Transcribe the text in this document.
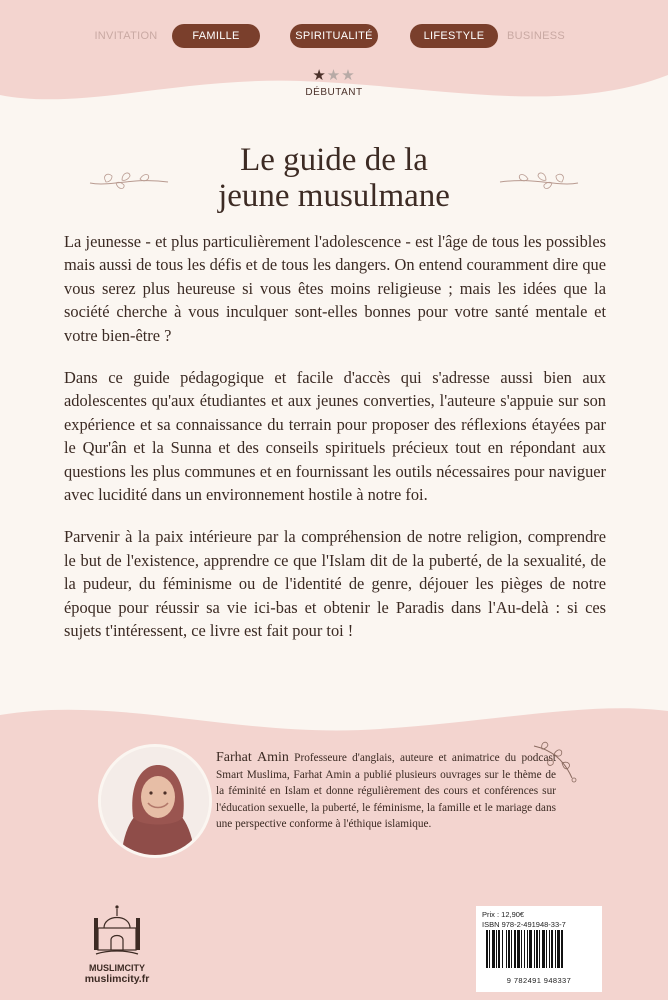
INVITATION	FAMILLE	SPIRITUALITÉ	LIFESTYLE	BUSINESS
★★★
DÉBUTANT
Le guide de la
jeune musulmane

La jeunesse - et plus particulièrement l'adolescence - est l'âge de tous les possibles mais aussi de tous les défis et de tous les dangers. On entend couramment dire que vous serez plus heureuse si vous êtes moins religieuse ; mais les idées que la société cherche à vous inculquer sont-elles bonnes pour votre santé mentale et votre bien-être ?

Dans ce guide pédagogique et facile d'accès qui s'adresse aussi bien aux adolescentes qu'aux étudiantes et aux jeunes converties, l'auteure s'appuie sur son expérience et sa connaissance du terrain pour proposer des réflexions étayées par le Qur'ân et la Sunna et des conseils spirituels précieux tout en répondant aux questions les plus communes et en fournissant les outils nécessaires pour naviguer avec lucidité dans un environnement hostile à notre foi.

Parvenir à la paix intérieure par la compréhension de notre religion, comprendre le but de l'existence, apprendre ce que l'Islam dit de la puberté, de la sexualité, de la pudeur, du féminisme ou de l'identité de genre, déjouer les pièges de notre époque pour réussir sa vie ici-bas et obtenir le Paradis dans l'Au-delà : si ces sujets t'intéressent, ce livre est fait pour toi !

Farhat Amin Professeure d'anglais, auteure et animatrice du podcast Smart Muslima, Farhat Amin a publié plusieurs ouvrages sur le thème de la féminité en Islam et donne régulièrement des cours et conférences sur l'éducation sexuelle, la puberté, le féminisme, la famille et le mariage dans une perspective conforme à l'éthique islamique.
MUSLIMCITY
muslimcity.fr
Prix : 12,90€
ISBN 978-2-491948-33-7
9 782491 948337
